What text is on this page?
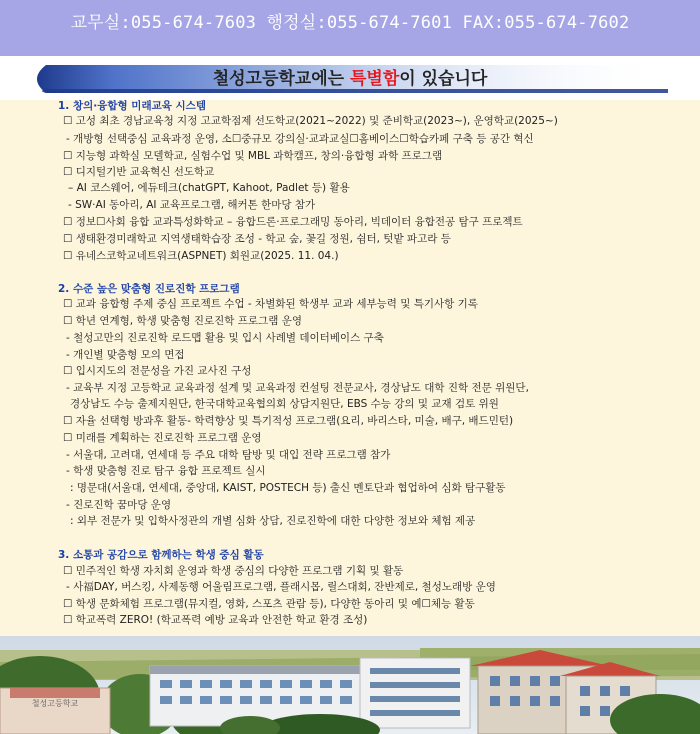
교무실:055-674-7603 행정실:055-674-7601 FAX:055-674-7602
철성고등학교에는 특별함이 있습니다
1. 창의·융합형 미래교육 시스템
☐ 고성 최초 경남교육청 지정 고교학점제 선도학교(2021~2022) 및 준비학교(2023~), 운영학교(2025~)
- 개방형 선택중심 교육과정 운영, 소☐중규모 강의실·교과교실☐홈베이스☐학습카페 구축 등 공간 혁신
☐ 지능형 과학실 모델학교, 실험수업 및 MBL 과학캠프, 창의·융합형 과학 프로그램
☐ 디지털기반 교육혁신 선도학교
– AI 코스웨어, 에듀테크(chatGPT, Kahoot, Padlet 등) 활용
- SW·AI 동아리, AI 교육프로그램, 해커톤 한마당 참가
☐ 정보☐사회 융합 교과특성화학교 – 융합드론·프로그래밍 동아리, 빅데이터 융합전공 탐구 프로젝트
☐ 생태환경미래학교 지역생태학습장 조성 - 학교 숲, 꽃길 정원, 쉼터, 텃밭 파고라 등
☐ 유네스코학교네트워크(ASPNET) 회원교(2025. 11. 04.)
2. 수준 높은 맞춤형 진로진학 프로그램
☐ 교과 융합형 주제 중심 프로젝트 수업 - 차별화된 학생부 교과 세부능력 및 특기사항 기록
☐ 학년 연계형, 학생 맞춤형 진로진학 프로그램 운영
- 철성고만의 진로진학 로드맵 활용 및 입시 사례별 데이터베이스 구축
- 개인별 맞춤형 모의 면접
☐ 입시지도의 전문성을 가진 교사진 구성
- 교육부 지정 고등학교 교육과정 설계 및 교육과정 컨설팅 전문교사, 경상남도 대학 진학 전문 위원단,
경상남도 수능 출제지원단, 한국대학교육협의회 상담지원단, EBS 수능 강의 및 교재 검토 위원
☐ 자율 선택형 방과후 활동- 학력향상 및 특기적성 프로그램(요리, 바리스타, 미술, 배구, 배드민턴)
☐ 미래를 계획하는 진로진학 프로그램 운영
- 서울대, 고려대, 연세대 등 주요 대학 탐방 및 대입 전략 프로그램 참가
- 학생 맞춤형 진로 탐구 융합 프로젝트 실시
: 명문대(서울대, 연세대, 중앙대, KAIST, POSTECH 등) 출신 멘토단과 협업하여 심화 탐구활동
- 진로진학 꿈마당 운영
: 외부 전문가 및 입학사정관의 개별 심화 상담, 진로진학에 대한 다양한 정보와 체험 제공
3. 소통과 공감으로 함께하는 학생 중심 활동
☐ 민주적인 학생 자치회 운영과 학생 중심의 다양한 프로그램 기획 및 활동
- 사福DAY, 버스킹, 사제동행 어울림프로그램, 플래시몹, 릴스대회, 잔반제로, 철성노래방 운영
☐ 학생 문화체험 프로그램(뮤지컬, 영화, 스포츠 관람 등), 다양한 동아리 및 예☐체능 활동
☐ 학교폭력 ZERO! (학교폭력 예방 교육과 안전한 학교 환경 조성)
철성고등학교
